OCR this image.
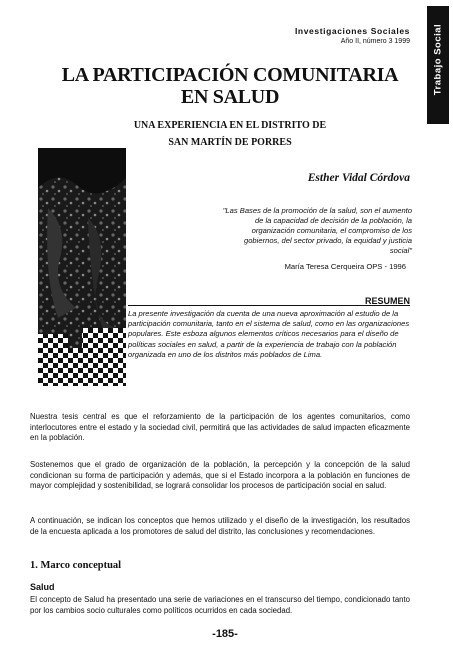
Investigaciones Sociales
Año II, número 3 1999 Trabajo Social
LA PARTICIPACIÓN COMUNITARIA
EN SALUD
UNA EXPERIENCIA EN EL DISTRITO DE
SAN MARTÍN DE PORRES
Esther Vidal Córdova
"Las Bases de la promoción de la salud, son el aumento de la capacidad de decisión de la población, la organización comunitaria, el compromiso de los gobiernos, del sector privado, la equidad y justicia social"
María Teresa Cerqueira OPS - 1996
RESUMEN
La presente investigación da cuenta de una nueva aproximación al estudio de la participación comunitaria, tanto en el sistema de salud, como en las organizaciones populares. Este esboza algunos elementos críticos necesarios para el diseño de políticas sociales en salud, a partir de la experiencia de trabajo con la población organizada en uno de los distritos más poblados de Lima.
Nuestra tesis central es que el reforzamiento de la participación de los agentes comunitarios, como interlocutores entre el estado y la sociedad civil, permitirá que las actividades de salud impacten eficazmente en la población.
Sostenemos que el grado de organización de la población, la percepción y la concepción de la salud condicionan su forma de participación y además, que si el Estado incorpora a la población en funciones de mayor complejidad y sostenibilidad, se logrará consolidar los procesos de participación social en salud.
A continuación, se indican los conceptos que hemos utilizado y el diseño de la investigación, los resultados de la encuesta aplicada a los promotores de salud del distrito, las conclusiones y recomendaciones.
1. Marco conceptual
Salud
El concepto de Salud ha presentado una serie de variaciones en el transcurso del tiempo, condicionado tanto por los cambios socio culturales como políticos ocurridos en cada sociedad.
-185-
